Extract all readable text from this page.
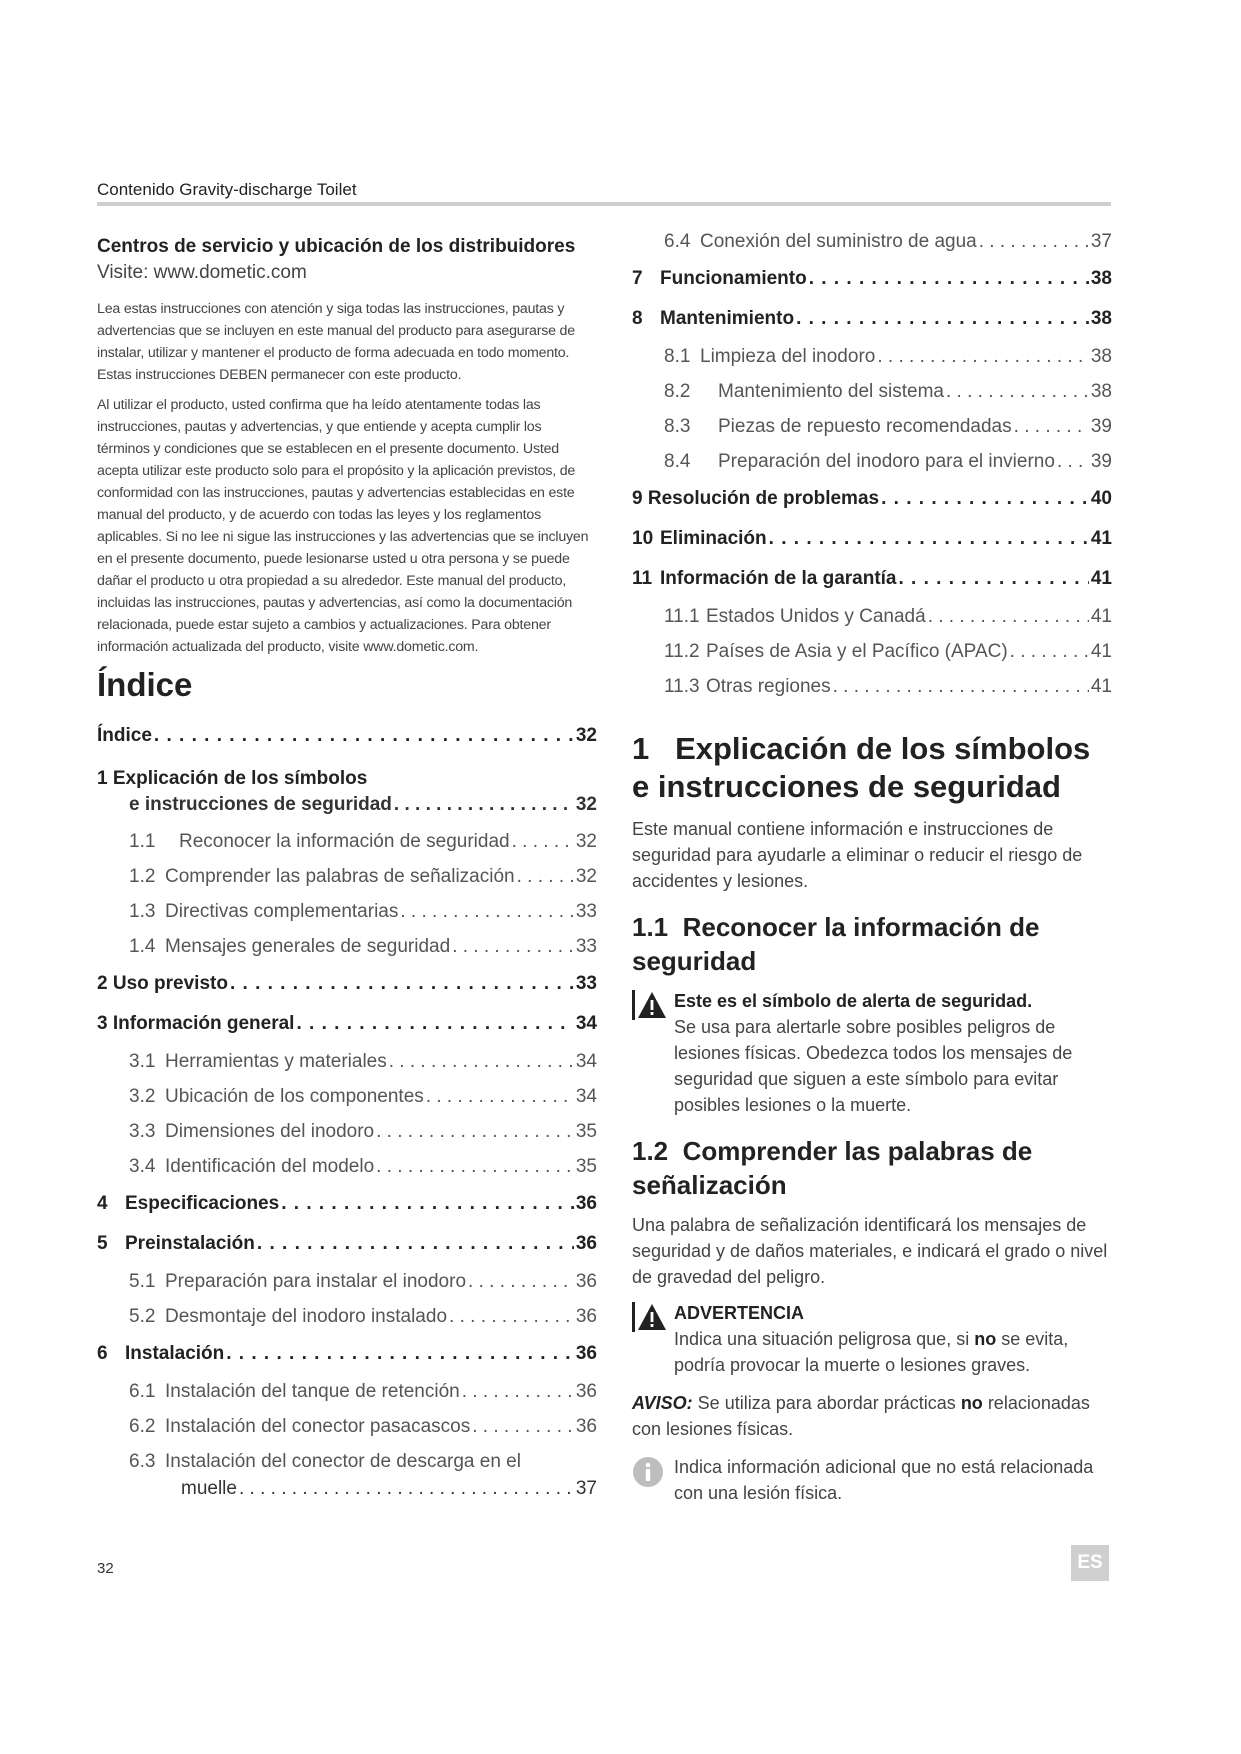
Contenido Gravity-discharge Toilet
Centros de servicio y ubicación de los distribuidores
Visite: www.dometic.com

Lea estas instrucciones con atención y siga todas las instrucciones, pautas y advertencias que se incluyen en este manual del producto para asegurarse de instalar, utilizar y mantener el producto de forma adecuada en todo momento. Estas instrucciones DEBEN permanecer con este producto.

Al utilizar el producto, usted confirma que ha leído atentamente todas las instrucciones, pautas y advertencias, y que entiende y acepta cumplir los términos y condiciones que se establecen en el presente documento. Usted acepta utilizar este producto solo para el propósito y la aplicación previstos, de conformidad con las instrucciones, pautas y advertencias establecidas en este manual del producto, y de acuerdo con todas las leyes y los reglamentos aplicables. Si no lee ni sigue las instrucciones y las advertencias que se incluyen en el presente documento, puede lesionarse usted u otra persona y se puede dañar el producto u otra propiedad a su alrededor. Este manual del producto, incluidas las instrucciones, pautas y advertencias, así como la documentación relacionada, puede estar sujeto a cambios y actualizaciones. Para obtener información actualizada del producto, visite www.dometic.com.

Índice
Índice . . .	32
1 Explicación de los símbolos
e instrucciones de seguridad . . .	32
1.1 Reconocer la información de seguridad . . .	32
1.2 Comprender las palabras de señalización . . .	32
1.3 Directivas complementarias . . .	33
1.4 Mensajes generales de seguridad . . .	33
2 Uso previsto . . .	33
3 Información general . . .	34
3.1 Herramientas y materiales . . .	34
3.2 Ubicación de los componentes . . .	34
3.3 Dimensiones del inodoro . . .	35
3.4 Identificación del modelo . . .	35
4 Especificaciones . . .	36
5 Preinstalación . . .	36
5.1 Preparación para instalar el inodoro . . .	36
5.2 Desmontaje del inodoro instalado . . .	36
6 Instalación . . .	36
6.1 Instalación del tanque de retención . . .	36
6.2 Instalación del conector pasacascos . . .	36
6.3 Instalación del conector de descarga en el
muelle . . .	37
6.4 Conexión del suministro de agua . . .	37
7 Funcionamiento . . .	38
8 Mantenimiento . . .	38
8.1 Limpieza del inodoro . . .	38
8.2 Mantenimiento del sistema . . .	38
8.3 Piezas de repuesto recomendadas . . .	39
8.4 Preparación del inodoro para el invierno . . . 39
9 Resolución de problemas . . .	40
10 Eliminación . . .	41
11 Información de la garantía . . .	41
11.1 Estados Unidos y Canadá . . .	41
11.2 Países de Asia y el Pacífico (APAC) . . .	41
11.3 Otras regiones . . .	41
1   Explicación de los símbolos
e instrucciones de seguridad

Este manual contiene información e instrucciones de seguridad para ayudarle a eliminar o reducir el riesgo de accidentes y lesiones.

1.1  Reconocer la información de seguridad
Este es el símbolo de alerta de seguridad.
Se usa para alertarle sobre posibles peligros de lesiones físicas. Obedezca todos los mensajes de seguridad que siguen a este símbolo para evitar posibles lesiones o la muerte.
1.2  Comprender las palabras de señalización

Una palabra de señalización identificará los mensajes de seguridad y de daños materiales, e indicará el grado o nivel de gravedad del peligro.

ADVERTENCIA
Indica una situación peligrosa que, si no se evita, podría provocar la muerte o lesiones graves.

AVISO: Se utiliza para abordar prácticas no relacionadas con lesiones físicas.

Indica información adicional que no está relacionada con una lesión física.
32	ES
